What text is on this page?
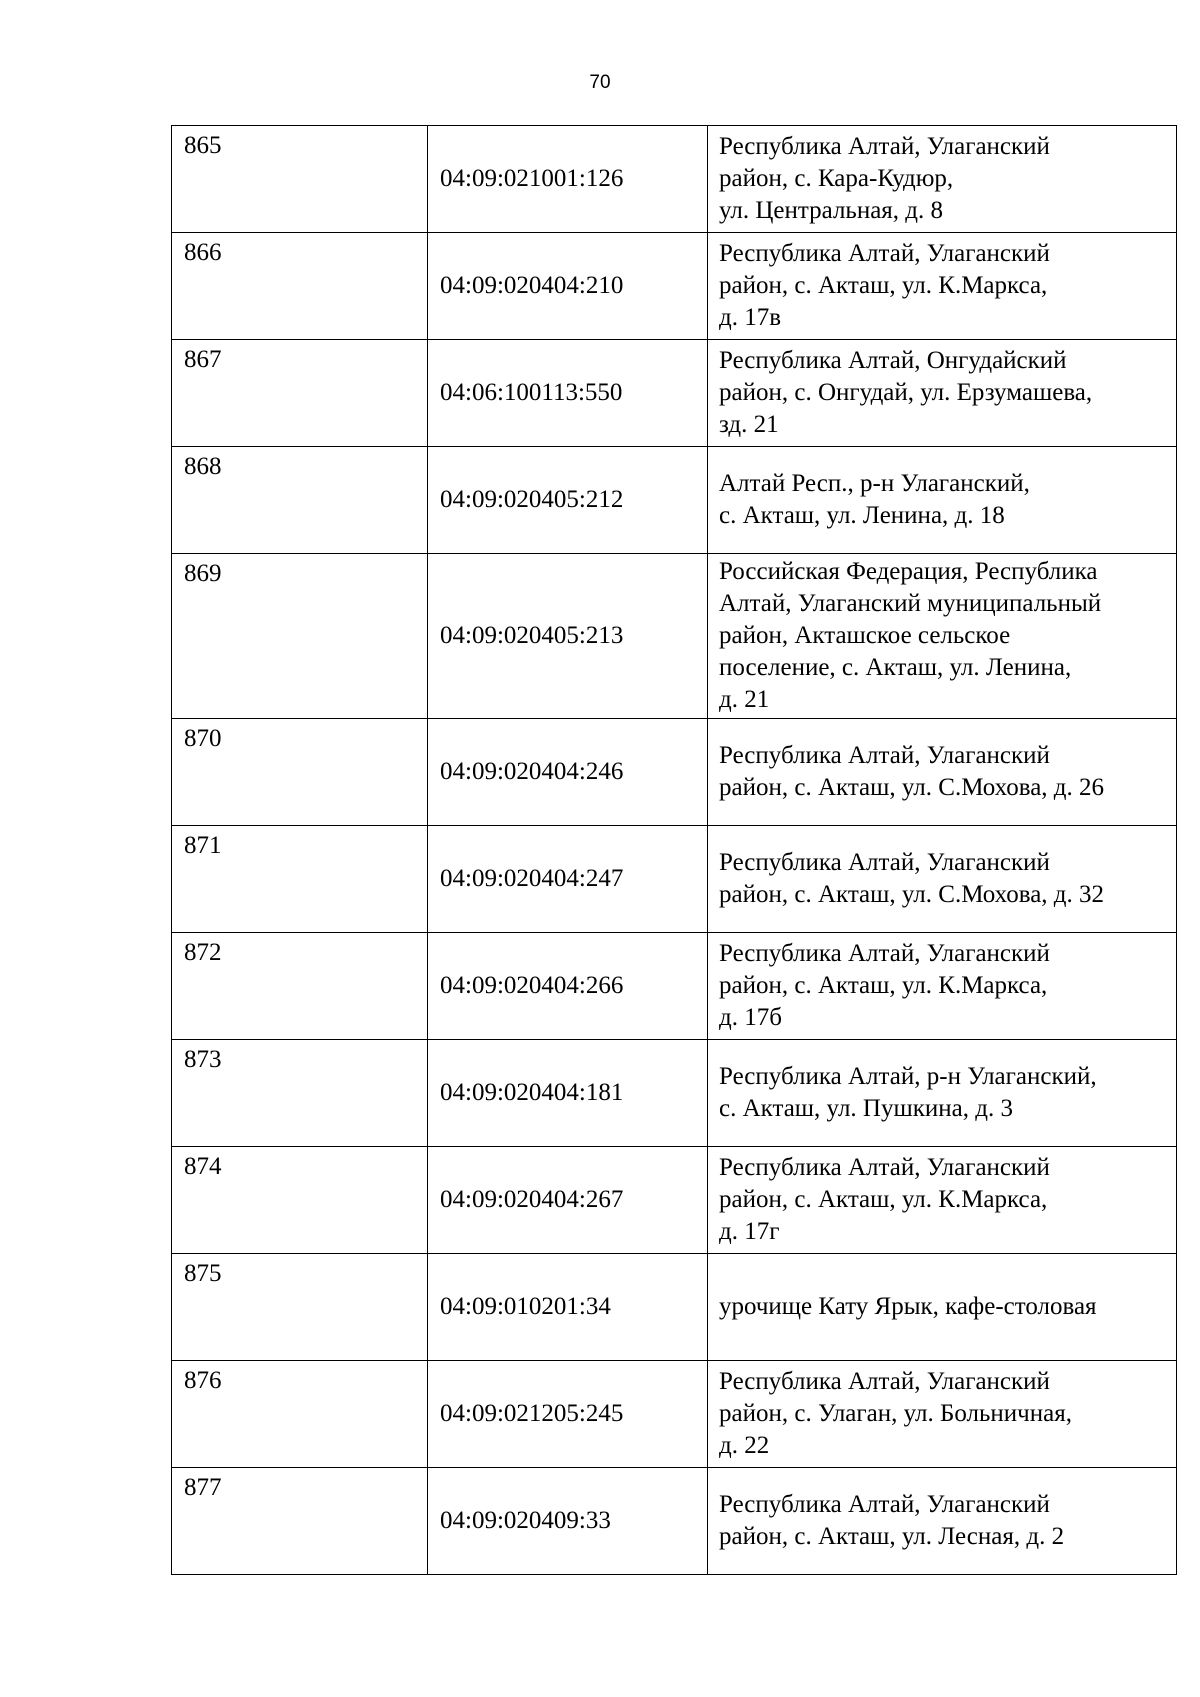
70
865	04:09:021001:126	Республика Алтай, Улаганский
район, с. Кара-Кудюр,
ул. Центральная, д. 8

866	04:09:020404:210	Республика Алтай, Улаганский
район, с. Акташ, ул. К.Маркса,
д. 17в

867	04:06:100113:550	Республика Алтай, Онгудайский
район, с. Онгудай, ул. Ерзумашева,
зд. 21

868	04:09:020405:212	Алтай Респ., р-н Улаганский,
с. Акташ, ул. Ленина, д. 18

869	04:09:020405:213	Российская Федерация, Республика
Алтай, Улаганский муниципальный
район, Акташское сельское
поселение, с. Акташ, ул. Ленина,
д. 21

870	04:09:020404:246	Республика Алтай, Улаганский
район, с. Акташ, ул. С.Мохова, д. 26

871	04:09:020404:247	Республика Алтай, Улаганский
район, с. Акташ, ул. С.Мохова, д. 32

872	04:09:020404:266	Республика Алтай, Улаганский
район, с. Акташ, ул. К.Маркса,
д. 17б

873	04:09:020404:181	Республика Алтай, р-н Улаганский,
с. Акташ, ул. Пушкина, д. 3

874	04:09:020404:267	Республика Алтай, Улаганский
район, с. Акташ, ул. К.Маркса,
д. 17г

875	04:09:010201:34	урочище Кату Ярык, кафе-столовая

876	04:09:021205:245	Республика Алтай, Улаганский
район, с. Улаган, ул. Больничная,
д. 22

877	04:09:020409:33	Республика Алтай, Улаганский
район, с. Акташ, ул. Лесная, д. 2
